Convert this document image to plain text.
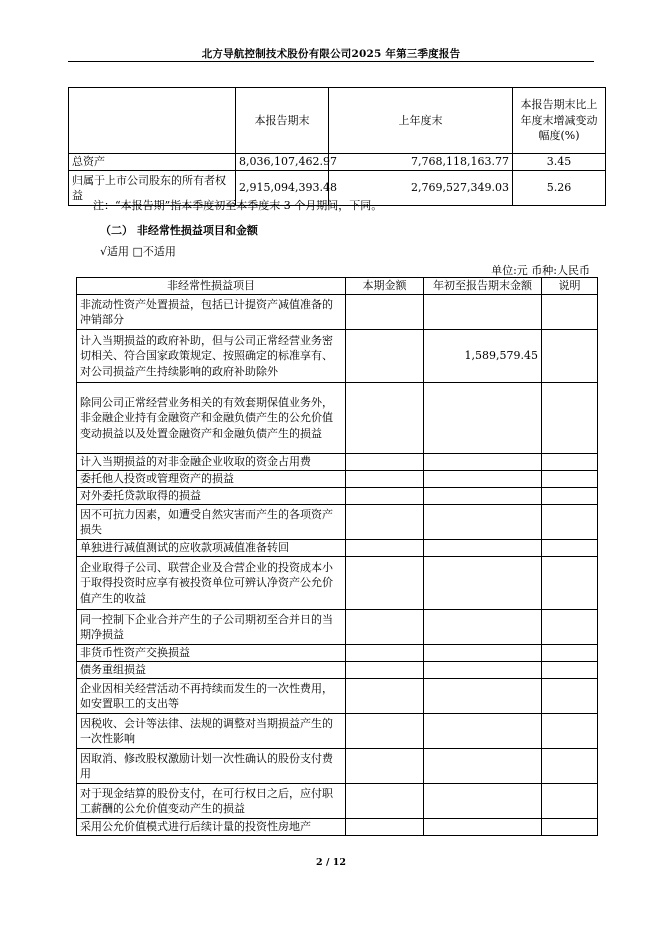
北方导航控制技术股份有限公司2025 年第三季度报告
	本报告期末	上年度末	本报告期末比上年度末增减变动幅度(%)
总资产	8,036,107,462.97	7,768,118,163.77	3.45
归属于上市公司股东的所有者权益	2,915,094,393.48	2,769,527,349.03	5.26
注：“本报告期”指本季度初至本季度末 3 个月期间，下同。
（二） 非经常性损益项目和金额
√适用 □不适用
单位:元 币种:人民币
非经常性损益项目	本期金额	年初至报告期末金额	说明
非流动性资产处置损益，包括已计提资产减值准备的冲销部分			
计入当期损益的政府补助，但与公司正常经营业务密切相关、符合国家政策规定、按照确定的标准享有、对公司损益产生持续影响的政府补助除外		1,589,579.45	
除同公司正常经营业务相关的有效套期保值业务外，非金融企业持有金融资产和金融负债产生的公允价值变动损益以及处置金融资产和金融负债产生的损益			
计入当期损益的对非金融企业收取的资金占用费			
委托他人投资或管理资产的损益			
对外委托贷款取得的损益			
因不可抗力因素，如遭受自然灾害而产生的各项资产损失			
单独进行减值测试的应收款项减值准备转回			
企业取得子公司、联营企业及合营企业的投资成本小于取得投资时应享有被投资单位可辨认净资产公允价值产生的收益			
同一控制下企业合并产生的子公司期初至合并日的当期净损益			
非货币性资产交换损益			
债务重组损益			
企业因相关经营活动不再持续而发生的一次性费用，如安置职工的支出等			
因税收、会计等法律、法规的调整对当期损益产生的一次性影响			
因取消、修改股权激励计划一次性确认的股份支付费用			
对于现金结算的股份支付，在可行权日之后，应付职工薪酬的公允价值变动产生的损益			
采用公允价值模式进行后续计量的投资性房地产			
2 / 12
